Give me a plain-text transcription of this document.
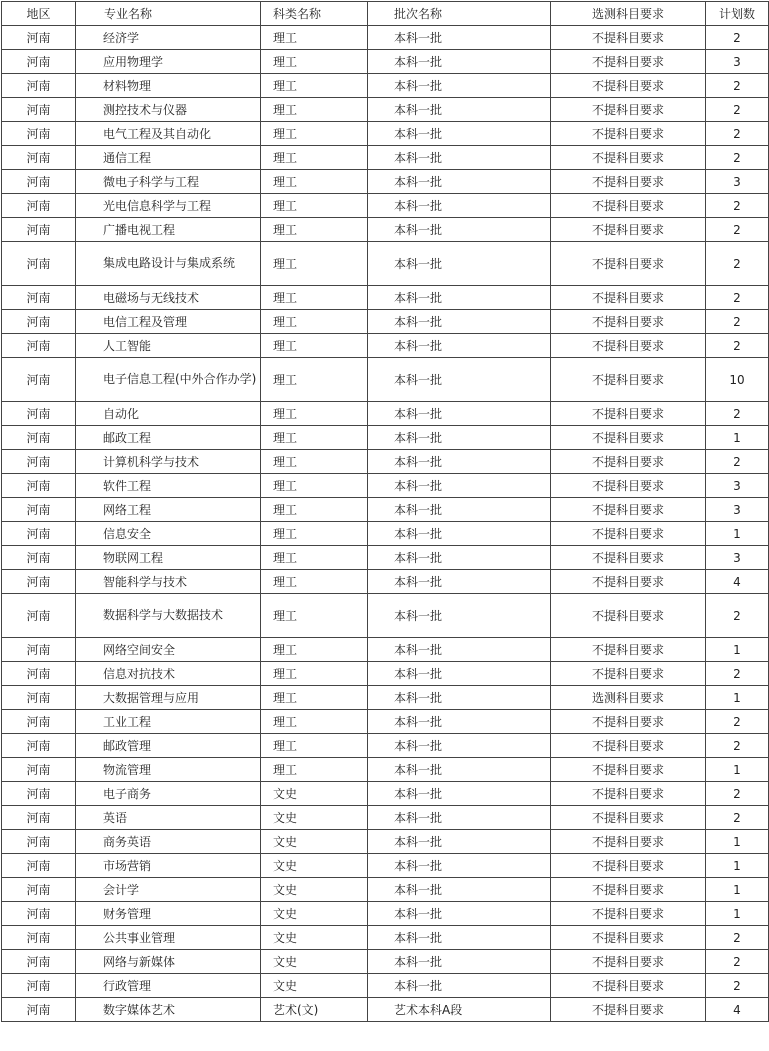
地区	专业名称	科类名称	批次名称	选测科目要求	计划数
河南	经济学	理工	本科一批	不提科目要求	2
河南	应用物理学	理工	本科一批	不提科目要求	3
河南	材料物理	理工	本科一批	不提科目要求	2
河南	测控技术与仪器	理工	本科一批	不提科目要求	2
河南	电气工程及其自动化	理工	本科一批	不提科目要求	2
河南	通信工程	理工	本科一批	不提科目要求	2
河南	微电子科学与工程	理工	本科一批	不提科目要求	3
河南	光电信息科学与工程	理工	本科一批	不提科目要求	2
河南	广播电视工程	理工	本科一批	不提科目要求	2
河南	集成电路设计与集成系统	理工	本科一批	不提科目要求	2
河南	电磁场与无线技术	理工	本科一批	不提科目要求	2
河南	电信工程及管理	理工	本科一批	不提科目要求	2
河南	人工智能	理工	本科一批	不提科目要求	2
河南	电子信息工程(中外合作办学)	理工	本科一批	不提科目要求	10
河南	自动化	理工	本科一批	不提科目要求	2
河南	邮政工程	理工	本科一批	不提科目要求	1
河南	计算机科学与技术	理工	本科一批	不提科目要求	2
河南	软件工程	理工	本科一批	不提科目要求	3
河南	网络工程	理工	本科一批	不提科目要求	3
河南	信息安全	理工	本科一批	不提科目要求	1
河南	物联网工程	理工	本科一批	不提科目要求	3
河南	智能科学与技术	理工	本科一批	不提科目要求	4
河南	数据科学与大数据技术	理工	本科一批	不提科目要求	2
河南	网络空间安全	理工	本科一批	不提科目要求	1
河南	信息对抗技术	理工	本科一批	不提科目要求	2
河南	大数据管理与应用	理工	本科一批	选测科目要求	1
河南	工业工程	理工	本科一批	不提科目要求	2
河南	邮政管理	理工	本科一批	不提科目要求	2
河南	物流管理	理工	本科一批	不提科目要求	1
河南	电子商务	文史	本科一批	不提科目要求	2
河南	英语	文史	本科一批	不提科目要求	2
河南	商务英语	文史	本科一批	不提科目要求	1
河南	市场营销	文史	本科一批	不提科目要求	1
河南	会计学	文史	本科一批	不提科目要求	1
河南	财务管理	文史	本科一批	不提科目要求	1
河南	公共事业管理	文史	本科一批	不提科目要求	2
河南	网络与新媒体	文史	本科一批	不提科目要求	2
河南	行政管理	文史	本科一批	不提科目要求	2
河南	数字媒体艺术	艺术(文)	艺术本科A段	不提科目要求	4
